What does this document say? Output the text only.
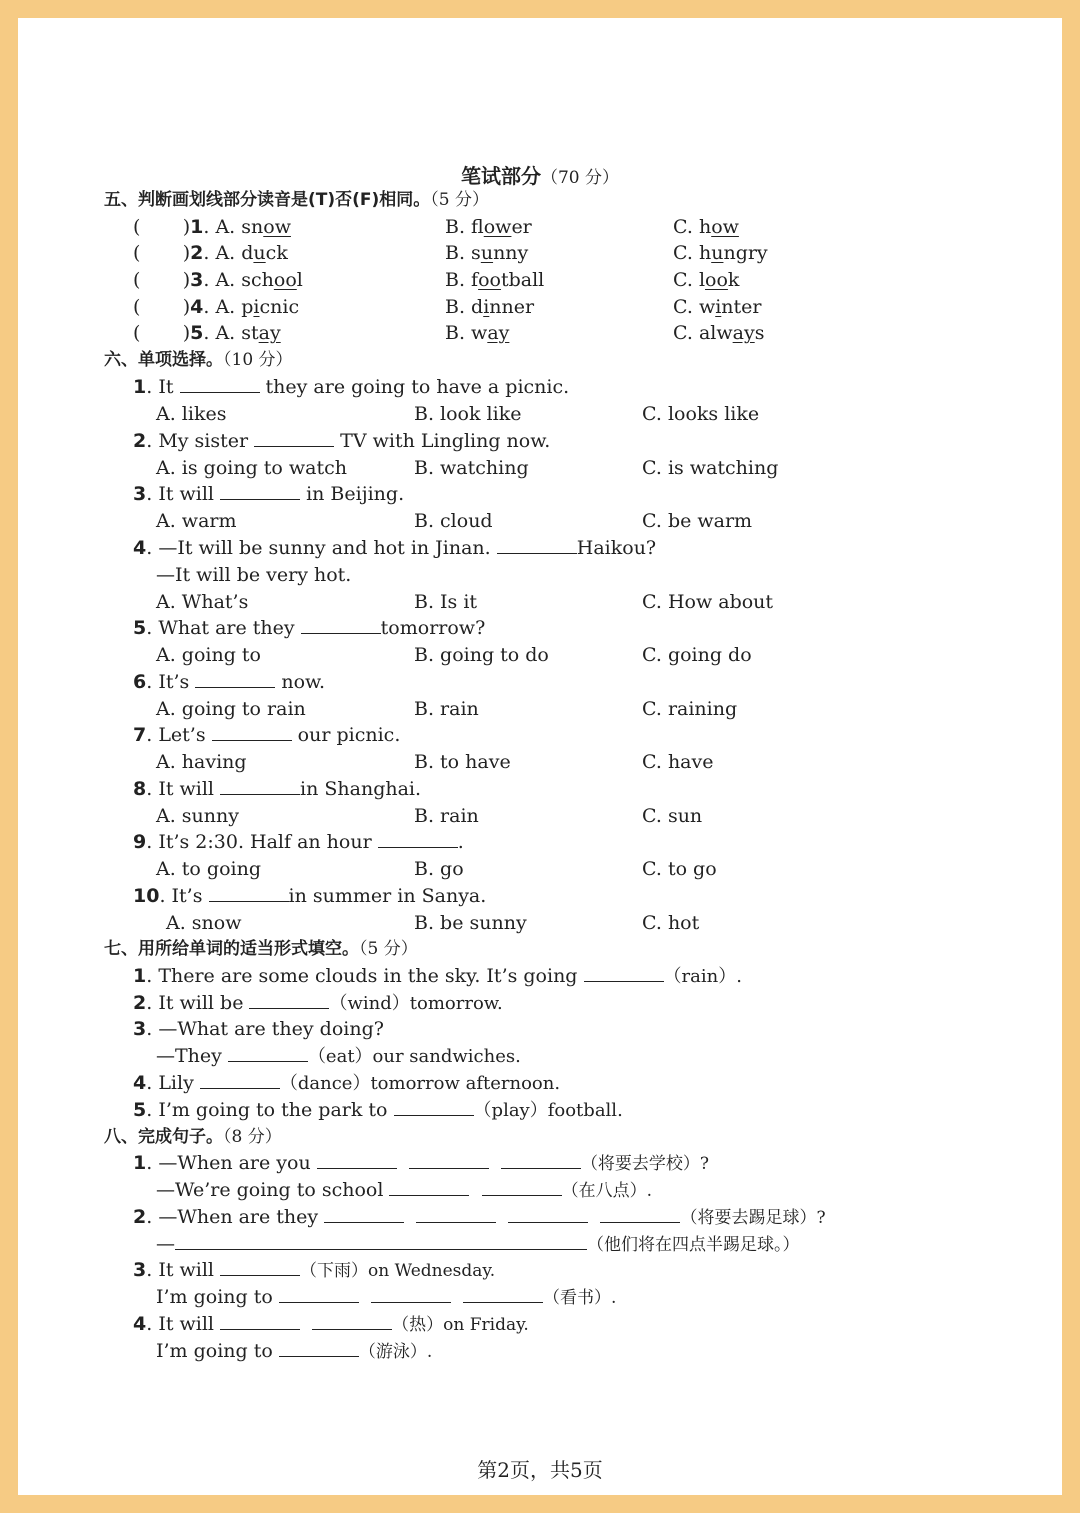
笔试部分（70 分）
五、判断画划线部分读音是(T)否(F)相同。（5 分）
(       )1. A. snow	B. flower	C. how
(       )2. A. duck	B. sunny	C. hungry
(       )3. A. school	B. football	C. look
(       )4. A. picnic	B. dinner	C. winter
(       )5. A. stay	B. way	C. always
六、单项选择。（10 分）
1. It	they are going to have a picnic.
A. likes	B. look like	C. looks like
2. My sister	TV with Lingling now.
A. is going to watch	B. watching	C. is watching
3. It will	in Beijing.
A. warm	B. cloud	C. be warm
4. —It will be sunny and hot in Jinan.	Haikou?
—It will be very hot.
A. What’s	B. Is it	C. How about
5. What are they	tomorrow?
A. going to	B. going to do	C. going do
6. It’s	now.
A. going to rain	B. rain	C. raining
7. Let’s	our picnic.
A. having	B. to have	C. have
8. It will	in Shanghai.
A. sunny	B. rain	C. sun
9. It’s 2:30. Half an hour	.
A. to going	B. go	C. to go
10. It’s	in summer in Sanya.
A. snow	B. be sunny	C. hot
七、用所给单词的适当形式填空。（5 分）
1. There are some clouds in the sky. It’s going	（rain）.
2. It will be	（wind）tomorrow.
3. —What are they doing?
—They	（eat）our sandwiches.
4. Lily	（dance）tomorrow afternoon.
5. I’m going to the park to	（play）football.
八、完成句子。（8 分）
1. —When are you	（将要去学校）?
—We’re going to school	（在八点）.
2. —When are they	（将要去踢足球）?
—	（他们将在四点半踢足球。）
3. It will	（下雨）on Wednesday.
I’m going to	（看书）.
4. It will	（热）on Friday.
I’m going to	（游泳）.
第2页，共5页
